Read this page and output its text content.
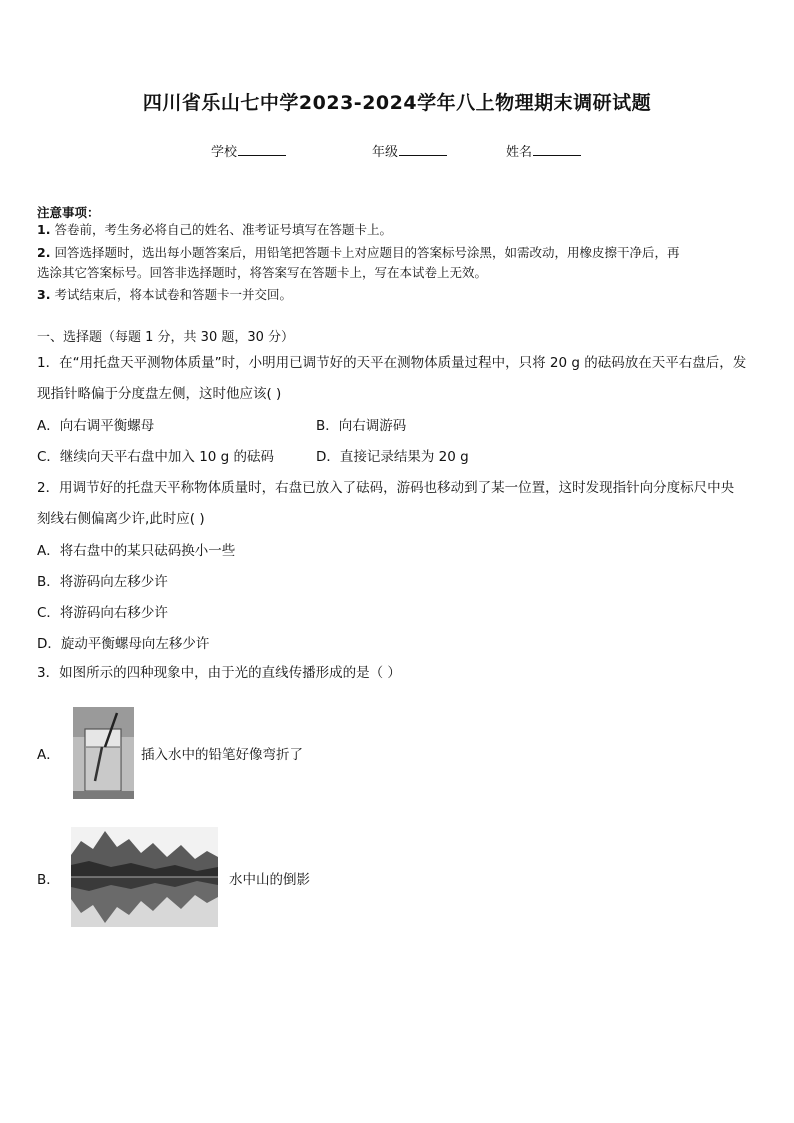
四川省乐山七中学2023-2024学年八上物理期末调研试题
学校	年级	姓名
注意事项：
1. 答卷前，考生务必将自己的姓名、准考证号填写在答题卡上。
2. 回答选择题时，选出每小题答案后，用铅笔把答题卡上对应题目的答案标号涂黑，如需改动，用橡皮擦干净后，再
选涂其它答案标号。回答非选择题时，将答案写在答题卡上，写在本试卷上无效。
3. 考试结束后，将本试卷和答题卡一并交回。
一、选择题（每题 1 分，共 30 题，30 分）
1．在“用托盘天平测物体质量”时，小明用已调节好的天平在测物体质量过程中，只将 20 g 的砝码放在天平右盘后，发
现指针略偏于分度盘左侧，这时他应该( )
A．向右调平衡螺母	B．向右调游码
C．继续向天平右盘中加入 10 g 的砝码	D．直接记录结果为 20 g
2．用调节好的托盘天平称物体质量时，右盘已放入了砝码，游码也移动到了某一位置，这时发现指针向分度标尺中央
刻线右侧偏离少许,此时应( )
A．将右盘中的某只砝码换小一些
B．将游码向左移少许
C．将游码向右移少许
D．旋动平衡螺母向左移少许
3．如图所示的四种现象中，由于光的直线传播形成的是（ ）
A．	插入水中的铅笔好像弯折了
B．	水中山的倒影
